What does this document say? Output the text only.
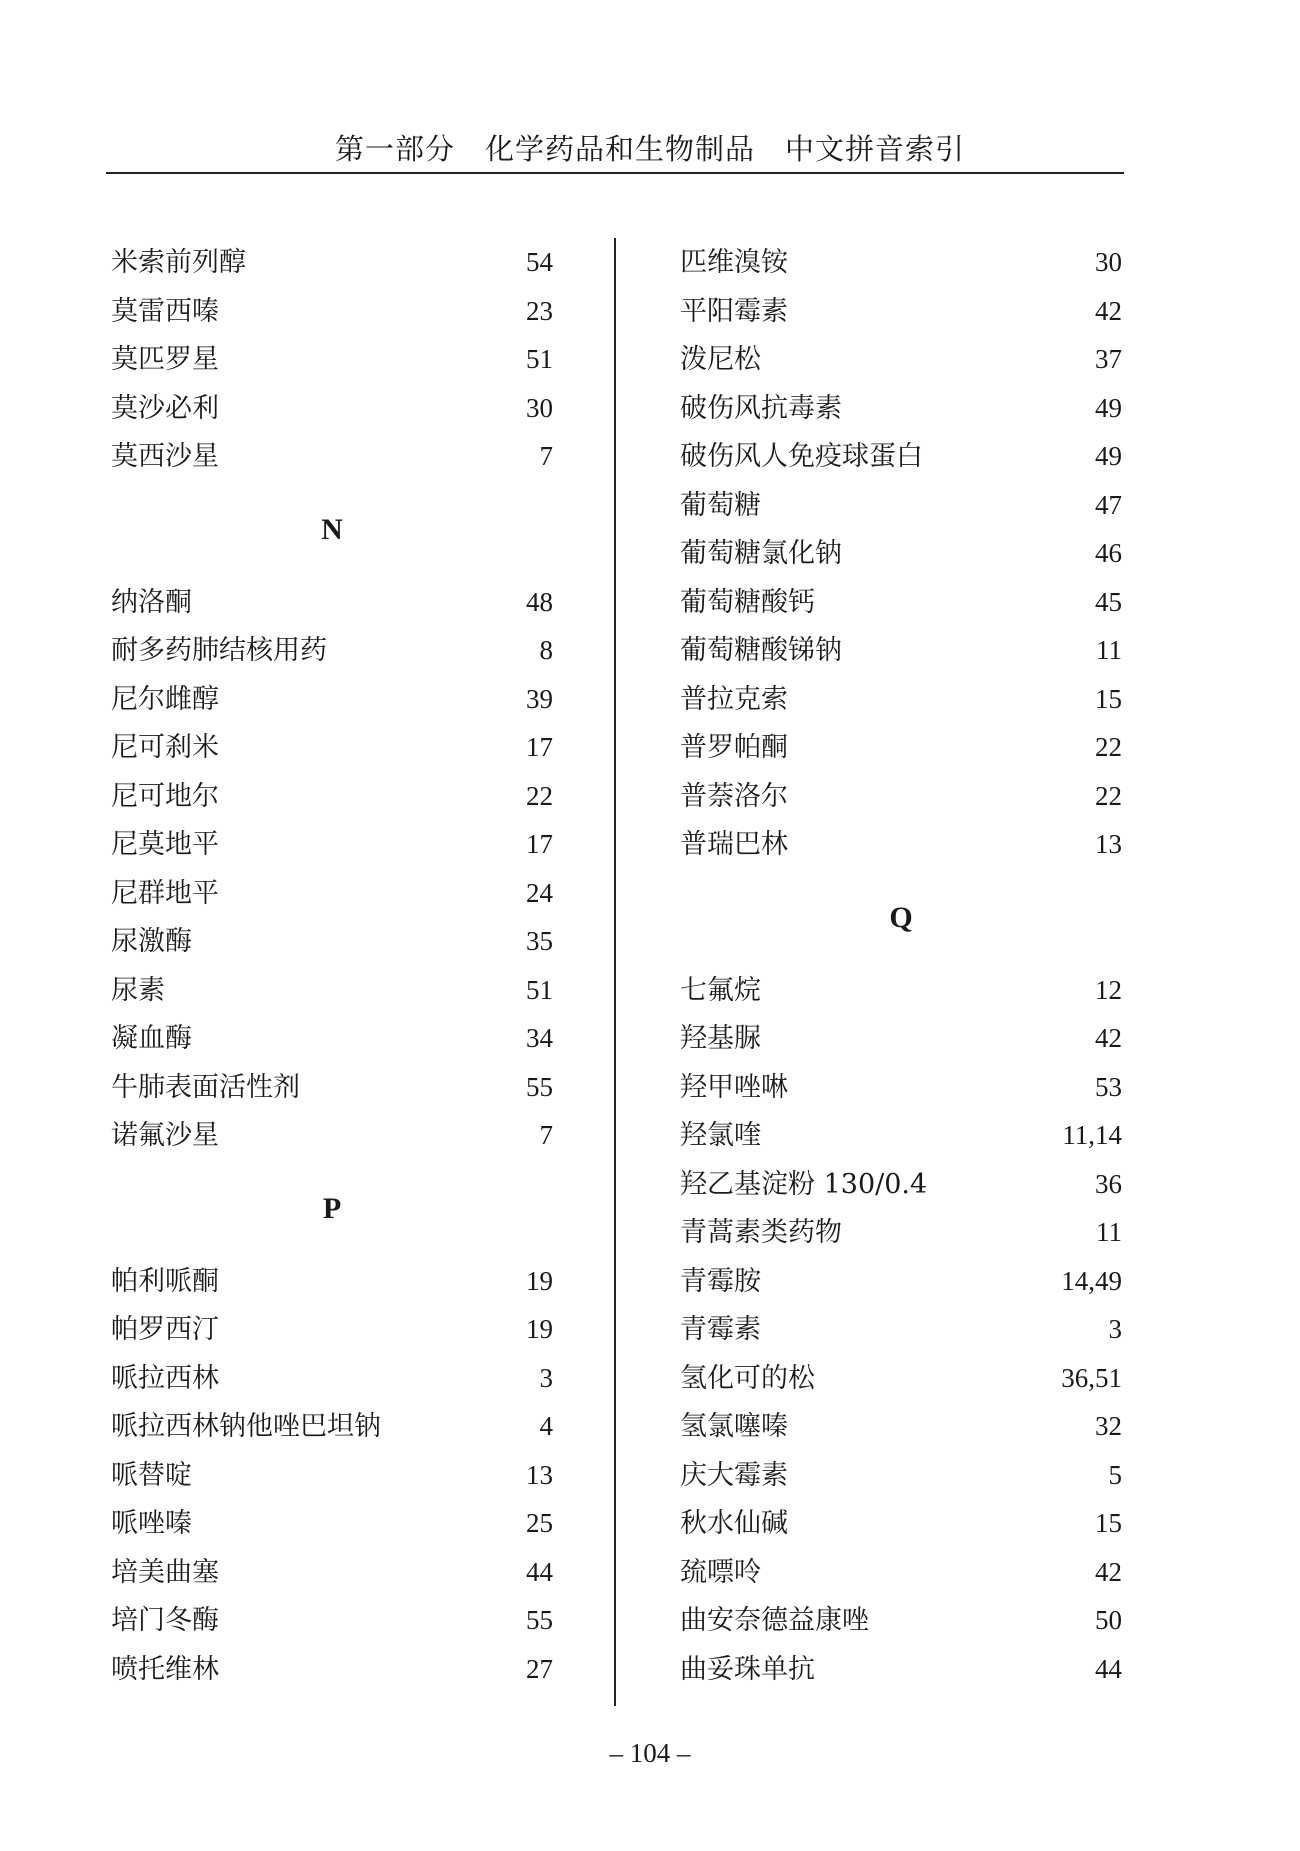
第一部分　化学药品和生物制品　中文拼音索引
米索前列醇	54
莫雷西嗪	23
莫匹罗星	51
莫沙必利	30
莫西沙星	7
N
纳洛酮	48
耐多药肺结核用药	8
尼尔雌醇	39
尼可刹米	17
尼可地尔	22
尼莫地平	17
尼群地平	24
尿激酶	35
尿素	51
凝血酶	34
牛肺表面活性剂	55
诺氟沙星	7
P
帕利哌酮	19
帕罗西汀	19
哌拉西林	3
哌拉西林钠他唑巴坦钠	4
哌替啶	13
哌唑嗪	25
培美曲塞	44
培门冬酶	55
喷托维林	27
匹维溴铵	30
平阳霉素	42
泼尼松	37
破伤风抗毒素	49
破伤风人免疫球蛋白	49
葡萄糖	47
葡萄糖氯化钠	46
葡萄糖酸钙	45
葡萄糖酸锑钠	11
普拉克索	15
普罗帕酮	22
普萘洛尔	22
普瑞巴林	13
Q
七氟烷	12
羟基脲	42
羟甲唑啉	53
羟氯喹	11,14
羟乙基淀粉 130/0.4	36
青蒿素类药物	11
青霉胺	14,49
青霉素	3
氢化可的松	36,51
氢氯噻嗪	32
庆大霉素	5
秋水仙碱	15
巯嘌呤	42
曲安奈德益康唑	50
曲妥珠单抗	44
– 104 –
